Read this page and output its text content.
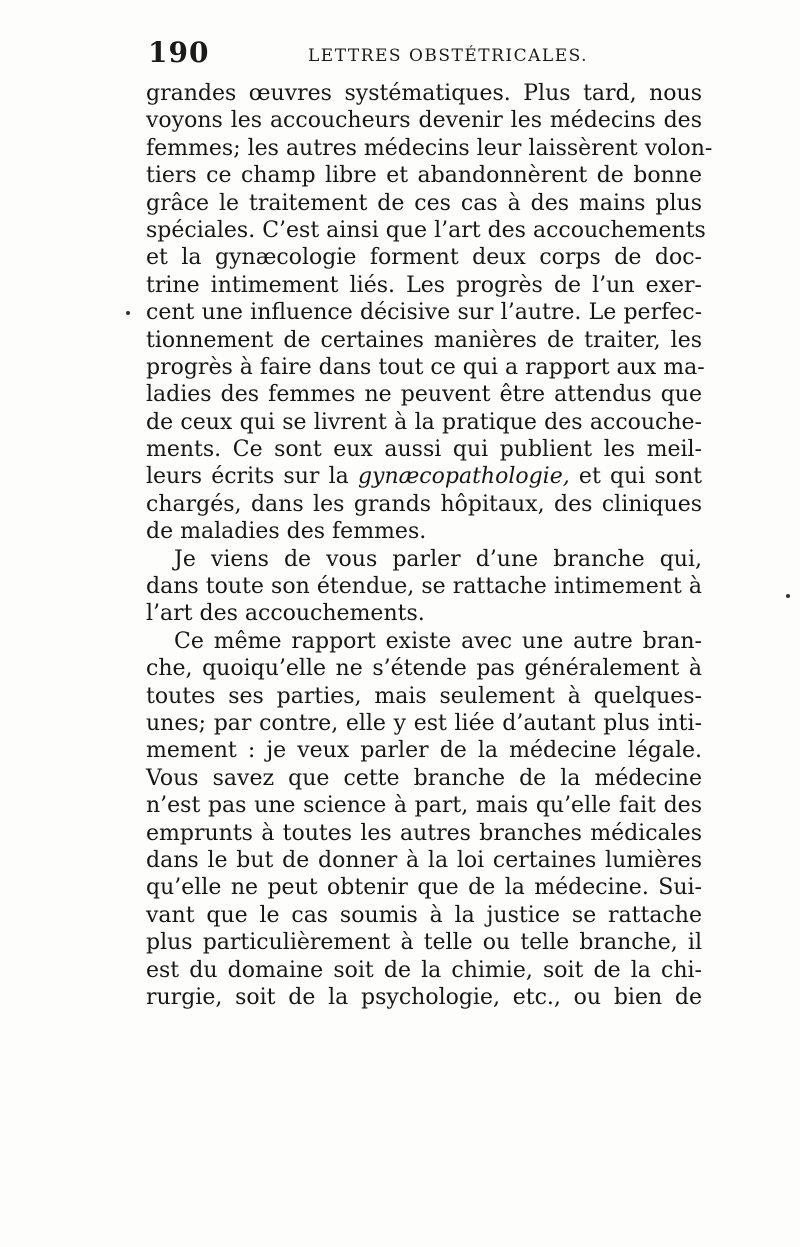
190	LETTRES OBSTÉTRICALES.
grandes œuvres systématiques. Plus tard, nous
voyons les accoucheurs devenir les médecins des
femmes; les autres médecins leur laissèrent volon-
tiers ce champ libre et abandonnèrent de bonne
grâce le traitement de ces cas à des mains plus
spéciales. C’est ainsi que l’art des accouchements
et la gynæcologie forment deux corps de doc-
trine intimement liés. Les progrès de l’un exer-
cent une influence décisive sur l’autre. Le perfec-
tionnement de certaines manières de traiter, les
progrès à faire dans tout ce qui a rapport aux ma-
ladies des femmes ne peuvent être attendus que
de ceux qui se livrent à la pratique des accouche-
ments. Ce sont eux aussi qui publient les meil-
leurs écrits sur la gynæcopathologie, et qui sont
chargés, dans les grands hôpitaux, des cliniques
de maladies des femmes.
Je viens de vous parler d’une branche qui,
dans toute son étendue, se rattache intimement à
l’art des accouchements.
Ce même rapport existe avec une autre bran-
che, quoiqu’elle ne s’étende pas généralement à
toutes ses parties, mais seulement à quelques-
unes; par contre, elle y est liée d’autant plus inti-
mement : je veux parler de la médecine légale.
Vous savez que cette branche de la médecine
n’est pas une science à part, mais qu’elle fait des
emprunts à toutes les autres branches médicales
dans le but de donner à la loi certaines lumières
qu’elle ne peut obtenir que de la médecine. Sui-
vant que le cas soumis à la justice se rattache
plus particulièrement à telle ou telle branche, il
est du domaine soit de la chimie, soit de la chi-
rurgie, soit de la psychologie, etc., ou bien de
